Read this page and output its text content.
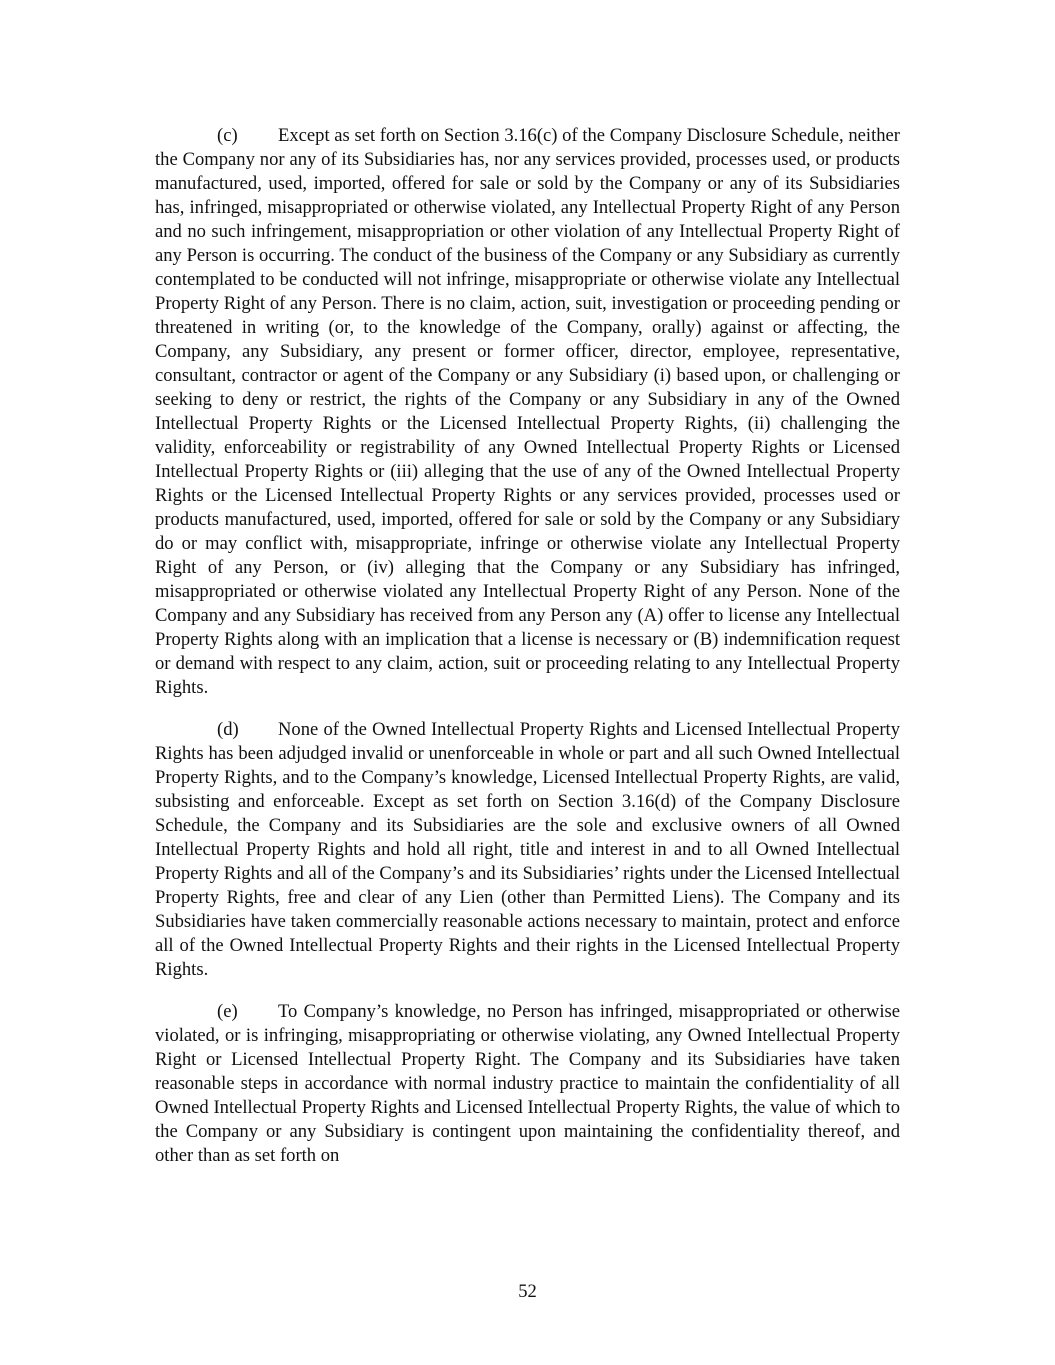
(c) Except as set forth on Section 3.16(c) of the Company Disclosure Schedule, neither the Company nor any of its Subsidiaries has, nor any services provided, processes used, or products manufactured, used, imported, offered for sale or sold by the Company or any of its Subsidiaries has, infringed, misappropriated or otherwise violated, any Intellectual Property Right of any Person and no such infringement, misappropriation or other violation of any Intellectual Property Right of any Person is occurring. The conduct of the business of the Company or any Subsidiary as currently contemplated to be conducted will not infringe, misappropriate or otherwise violate any Intellectual Property Right of any Person. There is no claim, action, suit, investigation or proceeding pending or threatened in writing (or, to the knowledge of the Company, orally) against or affecting, the Company, any Subsidiary, any present or former officer, director, employee, representative, consultant, contractor or agent of the Company or any Subsidiary (i) based upon, or challenging or seeking to deny or restrict, the rights of the Company or any Subsidiary in any of the Owned Intellectual Property Rights or the Licensed Intellectual Property Rights, (ii) challenging the validity, enforceability or registrability of any Owned Intellectual Property Rights or Licensed Intellectual Property Rights or (iii) alleging that the use of any of the Owned Intellectual Property Rights or the Licensed Intellectual Property Rights or any services provided, processes used or products manufactured, used, imported, offered for sale or sold by the Company or any Subsidiary do or may conflict with, misappropriate, infringe or otherwise violate any Intellectual Property Right of any Person, or (iv) alleging that the Company or any Subsidiary has infringed, misappropriated or otherwise violated any Intellectual Property Right of any Person. None of the Company and any Subsidiary has received from any Person any (A) offer to license any Intellectual Property Rights along with an implication that a license is necessary or (B) indemnification request or demand with respect to any claim, action, suit or proceeding relating to any Intellectual Property Rights.

(d) None of the Owned Intellectual Property Rights and Licensed Intellectual Property Rights has been adjudged invalid or unenforceable in whole or part and all such Owned Intellectual Property Rights, and to the Company’s knowledge, Licensed Intellectual Property Rights, are valid, subsisting and enforceable. Except as set forth on Section 3.16(d) of the Company Disclosure Schedule, the Company and its Subsidiaries are the sole and exclusive owners of all Owned Intellectual Property Rights and hold all right, title and interest in and to all Owned Intellectual Property Rights and all of the Company’s and its Subsidiaries’ rights under the Licensed Intellectual Property Rights, free and clear of any Lien (other than Permitted Liens). The Company and its Subsidiaries have taken commercially reasonable actions necessary to maintain, protect and enforce all of the Owned Intellectual Property Rights and their rights in the Licensed Intellectual Property Rights.

(e) To Company’s knowledge, no Person has infringed, misappropriated or otherwise violated, or is infringing, misappropriating or otherwise violating, any Owned Intellectual Property Right or Licensed Intellectual Property Right. The Company and its Subsidiaries have taken reasonable steps in accordance with normal industry practice to maintain the confidentiality of all Owned Intellectual Property Rights and Licensed Intellectual Property Rights, the value of which to the Company or any Subsidiary is contingent upon maintaining the confidentiality thereof, and other than as set forth on

52
